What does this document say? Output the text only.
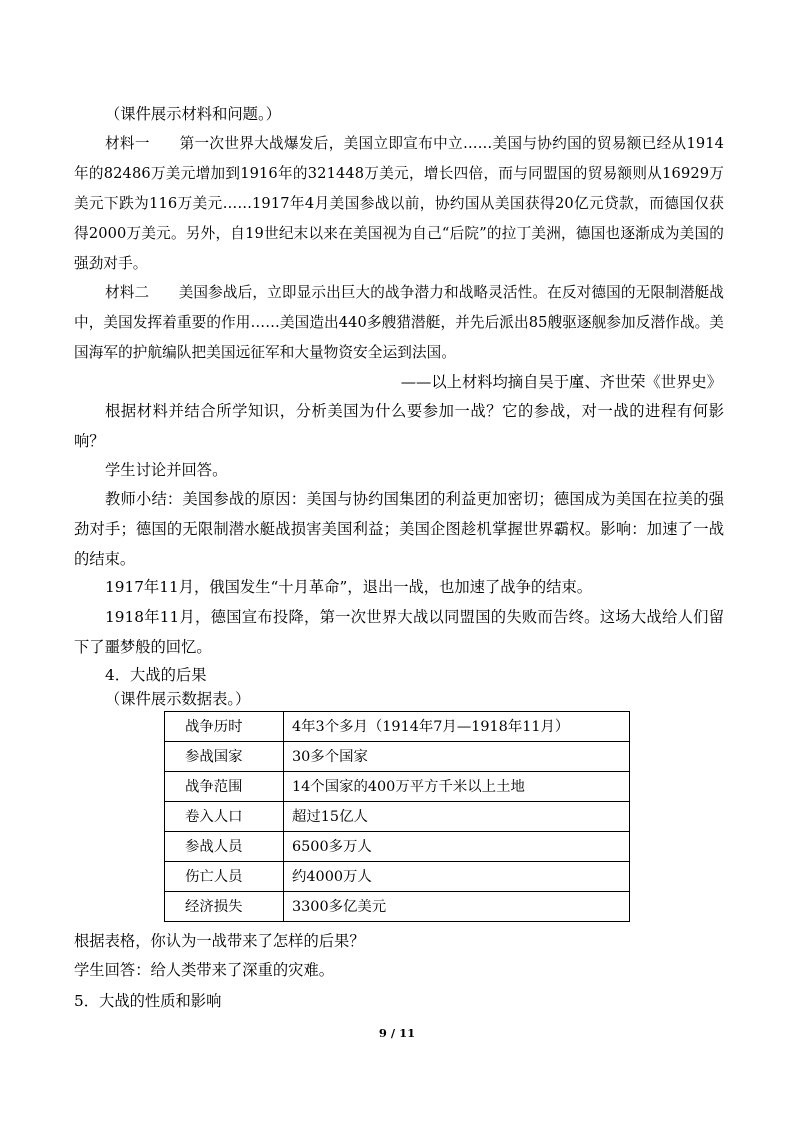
（课件展示材料和问题。）

材料一　　第一次世界大战爆发后，美国立即宣布中立……美国与协约国的贸易额已经从1914年的82486万美元增加到1916年的321448万美元，增长四倍，而与同盟国的贸易额则从16929万美元下跌为116万美元……1917年4月美国参战以前，协约国从美国获得20亿元贷款，而德国仅获得2000万美元。另外，自19世纪末以来在美国视为自己“后院”的拉丁美洲，德国也逐渐成为美国的强劲对手。

材料二　　美国参战后，立即显示出巨大的战争潜力和战略灵活性。在反对德国的无限制潜艇战中，美国发挥着重要的作用……美国造出440多艘猎潜艇，并先后派出85艘驱逐舰参加反潜作战。美国海军的护航编队把美国远征军和大量物资安全运到法国。

——以上材料均摘自吴于廑、齐世荣《世界史》

根据材料并结合所学知识，分析美国为什么要参加一战？它的参战，对一战的进程有何影响？

学生讨论并回答。

教师小结：美国参战的原因：美国与协约国集团的利益更加密切；德国成为美国在拉美的强劲对手；德国的无限制潜水艇战损害美国利益；美国企图趁机掌握世界霸权。影响：加速了一战的结束。

1917年11月，俄国发生“十月革命”，退出一战，也加速了战争的结束。

1918年11月，德国宣布投降，第一次世界大战以同盟国的失败而告终。这场大战给人们留下了噩梦般的回忆。

4．大战的后果

（课件展示数据表。）

战争历时	4年3个多月（1914年7月—1918年11月）
参战国家	30多个国家
战争范围	14个国家的400万平方千米以上土地
卷入人口	超过15亿人
参战人员	6500多万人
伤亡人员	约4000万人
经济损失	3300多亿美元

根据表格，你认为一战带来了怎样的后果？

学生回答：给人类带来了深重的灾难。

5．大战的性质和影响

9 / 11
